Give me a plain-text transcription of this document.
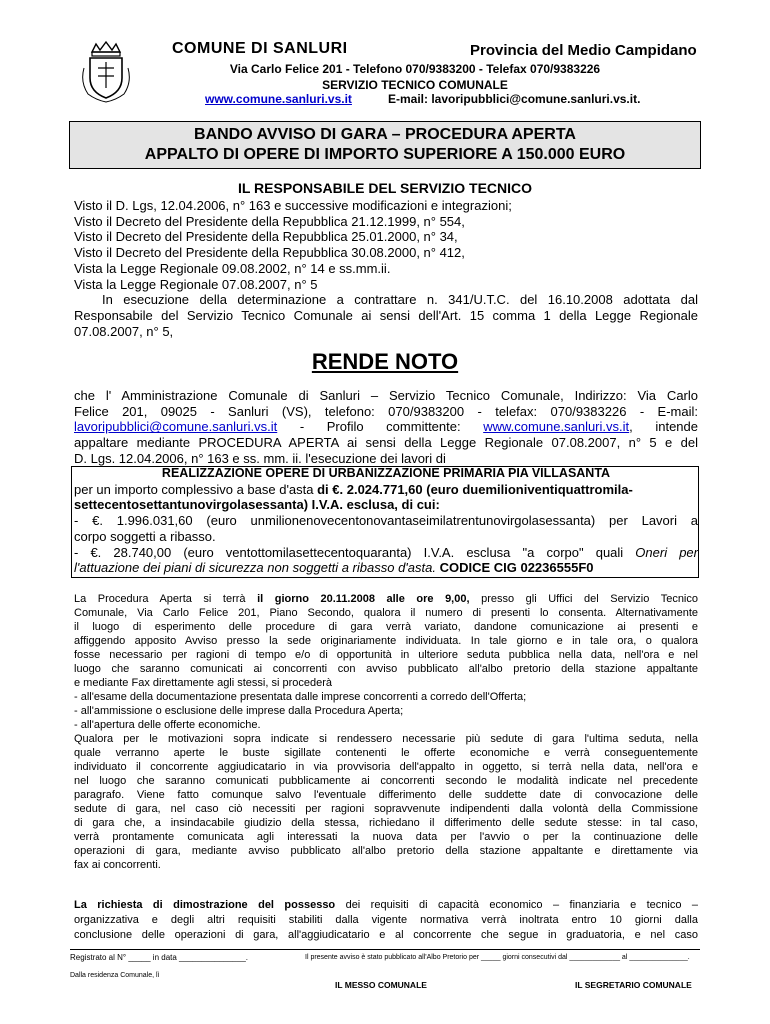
COMUNE DI SANLURI	Provincia del Medio Campidano
Via Carlo Felice 201 - Telefono 070/9383200 - Telefax 070/9383226
SERVIZIO TECNICO COMUNALE
www.comune.sanluri.vs.it	E-mail: lavoripubblici@comune.sanluri.vs.it.
BANDO AVVISO DI GARA – PROCEDURA APERTA
APPALTO DI OPERE DI IMPORTO SUPERIORE A 150.000 EURO
IL RESPONSABILE DEL SERVIZIO TECNICO
Visto il D. Lgs, 12.04.2006, n° 163 e successive modificazioni e integrazioni;
Visto il Decreto del Presidente della Repubblica 21.12.1999, n° 554,
Visto il Decreto del Presidente della Repubblica 25.01.2000, n° 34,
Visto il Decreto del Presidente della Repubblica 30.08.2000, n° 412,
Vista la Legge Regionale 09.08.2002, n° 14 e ss.mm.ii.
Vista la Legge Regionale 07.08.2007, n° 5
In esecuzione della determinazione a contrattare n. 341/U.T.C. del 16.10.2008 adottata dal
Responsabile del Servizio Tecnico Comunale ai sensi dell'Art. 15 comma 1 della Legge Regionale
07.08.2007, n° 5,
RENDE NOTO
che l' Amministrazione Comunale di Sanluri – Servizio Tecnico Comunale, Indirizzo: Via Carlo
Felice 201, 09025 - Sanluri (VS), telefono: 070/9383200 - telefax: 070/9383226 - E-mail:
lavoripubblici@comune.sanluri.vs.it - Profilo committente: www.comune.sanluri.vs.it, intende
appaltare mediante PROCEDURA APERTA ai sensi della Legge Regionale 07.08.2007, n° 5 e del
D. Lgs. 12.04.2006, n° 163 e ss. mm. ii. l'esecuzione dei lavori di
REALIZZAZIONE OPERE DI URBANIZZAZIONE PRIMARIA PIA VILLASANTA
per un importo complessivo a base d'asta di €. 2.024.771,60 (euro duemilioniventiquattromila-
settecentosettantunovirgolasessanta) I.V.A. esclusa, di cui:
- €. 1.996.031,60 (euro unmilionenovecentonovantaseimilatrentunovirgolasessanta) per Lavori a
corpo soggetti a ribasso.
- €. 28.740,00 (euro ventottomilasettecentoquaranta) I.V.A. esclusa "a corpo" quali Oneri per
l'attuazione dei piani di sicurezza non soggetti a ribasso d'asta. CODICE CIG 02236555F0
La Procedura Aperta si terrà il giorno 20.11.2008 alle ore 9,00, presso gli Uffici del Servizio Tecnico
Comunale, Via Carlo Felice 201, Piano Secondo, qualora il numero di presenti lo consenta. Alternativamente
il luogo di esperimento delle procedure di gara verrà variato, dandone comunicazione ai presenti e
affiggendo apposito Avviso presso la sede originariamente individuata. In tale giorno e in tale ora, o qualora
fosse necessario per ragioni di tempo e/o di opportunità in ulteriore seduta pubblica nella data, nell'ora e nel
luogo che saranno comunicati ai concorrenti con avviso pubblicato all'albo pretorio della stazione appaltante
e mediante Fax direttamente agli stessi, si procederà
- all'esame della documentazione presentata dalle imprese concorrenti a corredo dell'Offerta;
- all'ammissione o esclusione delle imprese dalla Procedura Aperta;
- all'apertura delle offerte economiche.
Qualora per le motivazioni sopra indicate si rendessero necessarie più sedute di gara l'ultima seduta, nella
quale verranno aperte le buste sigillate contenenti le offerte economiche e verrà conseguentemente
individuato il concorrente aggiudicatario in via provvisoria dell'appalto in oggetto, si terrà nella data, nell'ora e
nel luogo che saranno comunicati pubblicamente ai concorrenti secondo le modalità indicate nel precedente
paragrafo. Viene fatto comunque salvo l'eventuale differimento delle suddette date di convocazione delle
sedute di gara, nel caso ciò necessiti per ragioni sopravvenute indipendenti dalla volontà della Commissione
di gara che, a insindacabile giudizio della stessa, richiedano il differimento delle sedute stesse: in tal caso,
verrà prontamente comunicata agli interessati la nuova data per l'avvio o per la continuazione delle
operazioni di gara, mediante avviso pubblicato all'albo pretorio della stazione appaltante e direttamente via
fax ai concorrenti.
La richiesta di dimostrazione del possesso dei requisiti di capacità economico – finanziaria e tecnico –
organizzativa e degli altri requisiti stabiliti dalla vigente normativa verrà inoltrata entro 10 giorni dalla
conclusione delle operazioni di gara, all'aggiudicatario e al concorrente che segue in graduatoria, e nel caso
Registrato al N° _____ in data _______________.	Il presente avviso è stato pubblicato all'Albo Pretorio per _____ giorni consecutivi dal _____________ al _______________.
Dalla residenza Comunale, lì
IL MESSO COMUNALE	IL SEGRETARIO COMUNALE
